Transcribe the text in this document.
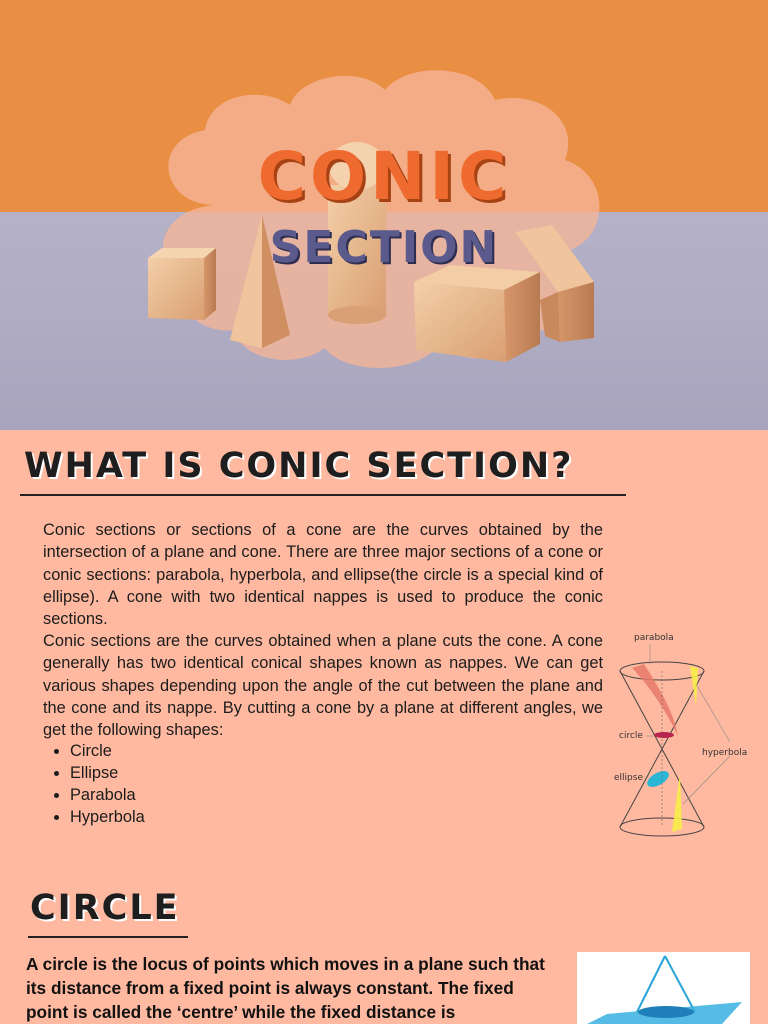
CONIC
SECTION
WHAT IS CONIC SECTION?

Conic sections or sections of a cone are the curves obtained by the intersection of a plane and cone. There are three major sections of a cone or conic sections: parabola, hyperbola, and ellipse(the circle is a special kind of ellipse). A cone with two identical nappes is used to produce the conic sections.

Conic sections are the curves obtained when a plane cuts the cone. A cone generally has two identical conical shapes known as nappes. We can get various shapes depending upon the angle of the cut between the plane and the cone and its nappe. By cutting a cone by a plane at different angles, we get the following shapes:

• Circle
• Ellipse
• Parabola
• Hyperbola
parabola
circle
hyperbola
ellipse
CIRCLE

A circle is the locus of points which moves in a plane such that its distance from a fixed point is always constant. The fixed point is called the ‘centre’ while the fixed distance is
